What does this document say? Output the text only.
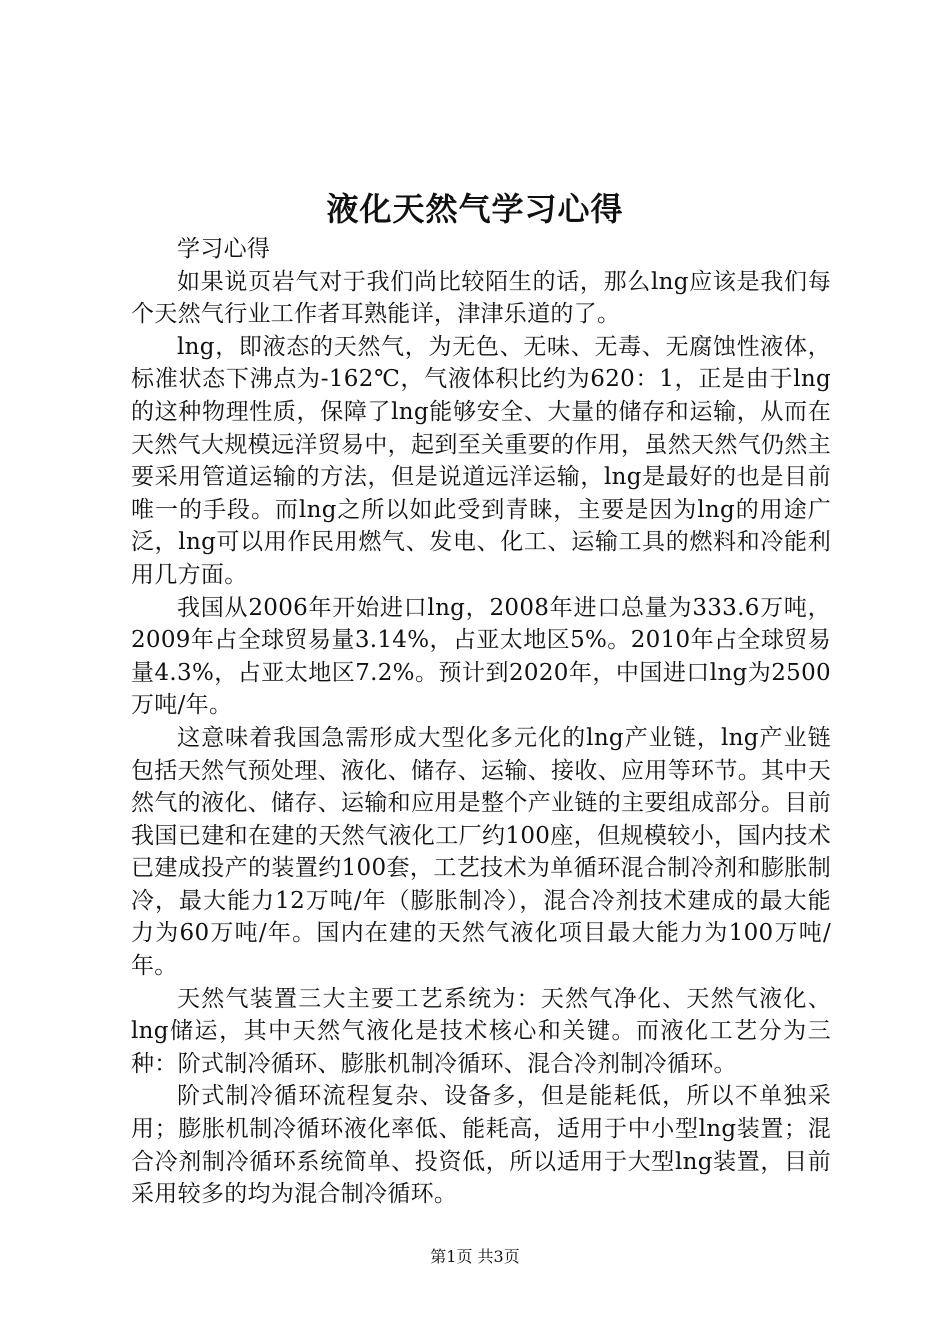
液化天然气学习心得

学习心得

如果说页岩气对于我们尚比较陌生的话，那么lng应该是我们每个天然气行业工作者耳熟能详，津津乐道的了。

lng，即液态的天然气，为无色、无味、无毒、无腐蚀性液体，标准状态下沸点为-162℃，气液体积比约为620：1，正是由于lng的这种物理性质，保障了lng能够安全、大量的储存和运输，从而在天然气大规模远洋贸易中，起到至关重要的作用，虽然天然气仍然主要采用管道运输的方法，但是说道远洋运输，lng是最好的也是目前唯一的手段。而lng之所以如此受到青睐，主要是因为lng的用途广泛，lng可以用作民用燃气、发电、化工、运输工具的燃料和冷能利用几方面。

我国从2006年开始进口lng，2008年进口总量为333.6万吨，2009年占全球贸易量3.14%，占亚太地区5%。2010年占全球贸易量4.3%，占亚太地区7.2%。预计到2020年，中国进口lng为2500万吨/年。

这意味着我国急需形成大型化多元化的lng产业链，lng产业链包括天然气预处理、液化、储存、运输、接收、应用等环节。其中天然气的液化、储存、运输和应用是整个产业链的主要组成部分。目前我国已建和在建的天然气液化工厂约100座，但规模较小，国内技术已建成投产的装置约100套，工艺技术为单循环混合制冷剂和膨胀制冷，最大能力12万吨/年（膨胀制冷），混合冷剂技术建成的最大能力为60万吨/年。国内在建的天然气液化项目最大能力为100万吨/年。

天然气装置三大主要工艺系统为：天然气净化、天然气液化、lng储运，其中天然气液化是技术核心和关键。而液化工艺分为三种：阶式制冷循环、膨胀机制冷循环、混合冷剂制冷循环。

阶式制冷循环流程复杂、设备多，但是能耗低，所以不单独采用；膨胀机制冷循环液化率低、能耗高，适用于中小型lng装置；混合冷剂制冷循环系统简单、投资低，所以适用于大型lng装置，目前采用较多的均为混合制冷循环。

第1页 共3页
